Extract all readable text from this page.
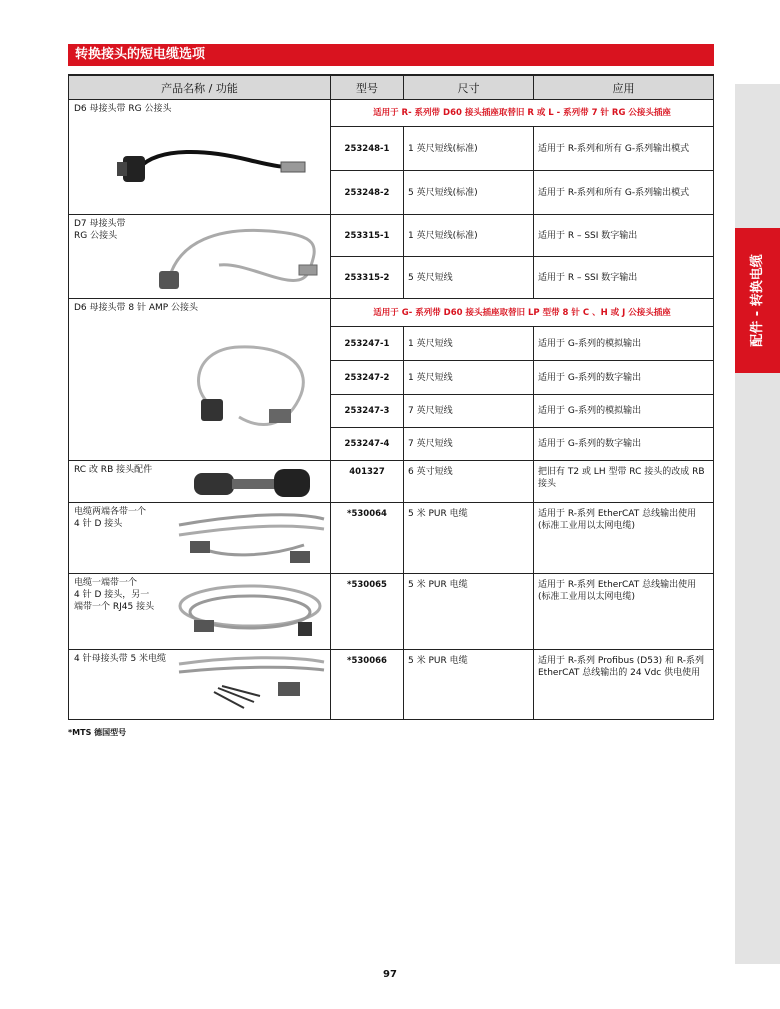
转换接头的短电缆选项
产品名称 / 功能	型号	尺寸	应用

D6 母接头带 RG 公接头	适用于 R- 系列带 D60 接头插座取替旧 R 或 L - 系列带 7 针 RG 公接头插座		
	253248-1	1 英尺短线(标准)	适用于 R-系列和所有 G-系列输出模式
	253248-2	5 英尺短线(标准)	适用于 R-系列和所有 G-系列输出模式

D7 母接头带
RG 公接头	253315-1	1 英尺短线(标准)	适用于 R – SSI 数字输出
	253315-2	5 英尺短线	适用于 R – SSI 数字输出

D6 母接头带 8 针 AMP 公接头	适用于 G- 系列带 D60 接头插座取替旧 LP 型带 8 针 C 、H 或 J 公接头插座		
	253247-1	1 英尺短线	适用于 G-系列的模拟输出
	253247-2	1 英尺短线	适用于 G-系列的数字输出
	253247-3	7 英尺短线	适用于 G-系列的模拟输出
	253247-4	7 英尺短线	适用于 G-系列的数字输出

RC 改 RB 接头配件	401327	6 英寸短线	把旧有 T2 或 LH 型带 RC 接头的改成 RB 接头

电缆两端各带一个
4 针 D 接头	*530064	5 米 PUR 电缆	适用于 R-系列 EtherCAT 总线输出使用 (标准工业用以太网电缆)

电缆一端带一个
4 针 D 接头，另一
端带一个 RJ45 接头	*530065	5 米 PUR 电缆	适用于 R-系列 EtherCAT 总线输出使用 (标准工业用以太网电缆)

4 针母接头带 5 米电缆	*530066	5 米 PUR 电缆	适用于 R-系列 Profibus (D53) 和 R-系列 EtherCAT 总线输出的 24 Vdc 供电使用
*MTS 德国型号
配件 - 转换电缆
97
